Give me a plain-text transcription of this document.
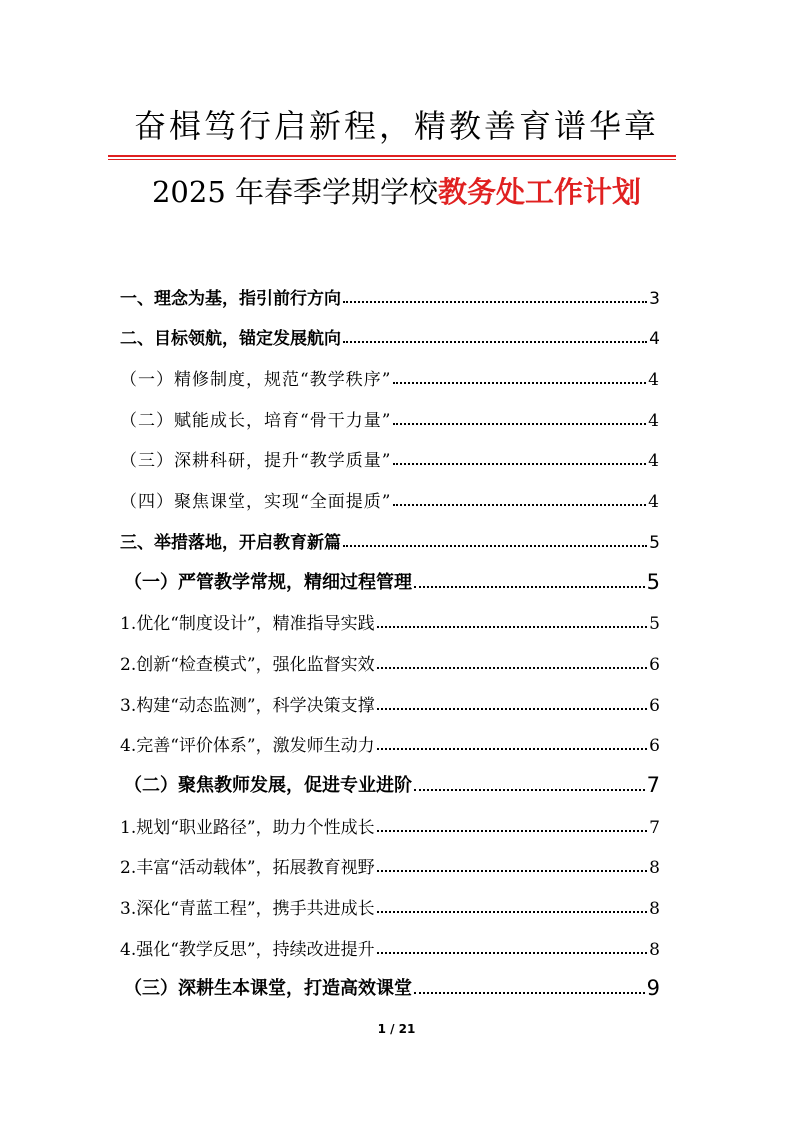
奋楫笃行启新程，精教善育谱华章
2025 年春季学期学校教务处工作计划
一、理念为基，指引前行方向	3
二、目标领航，锚定发展航向	4
（一）精修制度，规范“教学秩序”	4
（二）赋能成长，培育“骨干力量”	4
（三）深耕科研，提升“教学质量”	4
（四）聚焦课堂，实现“全面提质”	4
三、举措落地，开启教育新篇	5
（一）严管教学常规，精细过程管理	5
1.优化“制度设计”，精准指导实践	5
2.创新“检查模式”，强化监督实效	6
3.构建“动态监测”，科学决策支撑	6
4.完善“评价体系”，激发师生动力	6
（二）聚焦教师发展，促进专业进阶	7
1.规划“职业路径”，助力个性成长	7
2.丰富“活动载体”，拓展教育视野	8
3.深化“青蓝工程”，携手共进成长	8
4.强化“教学反思”，持续改进提升	8
（三）深耕生本课堂，打造高效课堂	9
1 / 21
